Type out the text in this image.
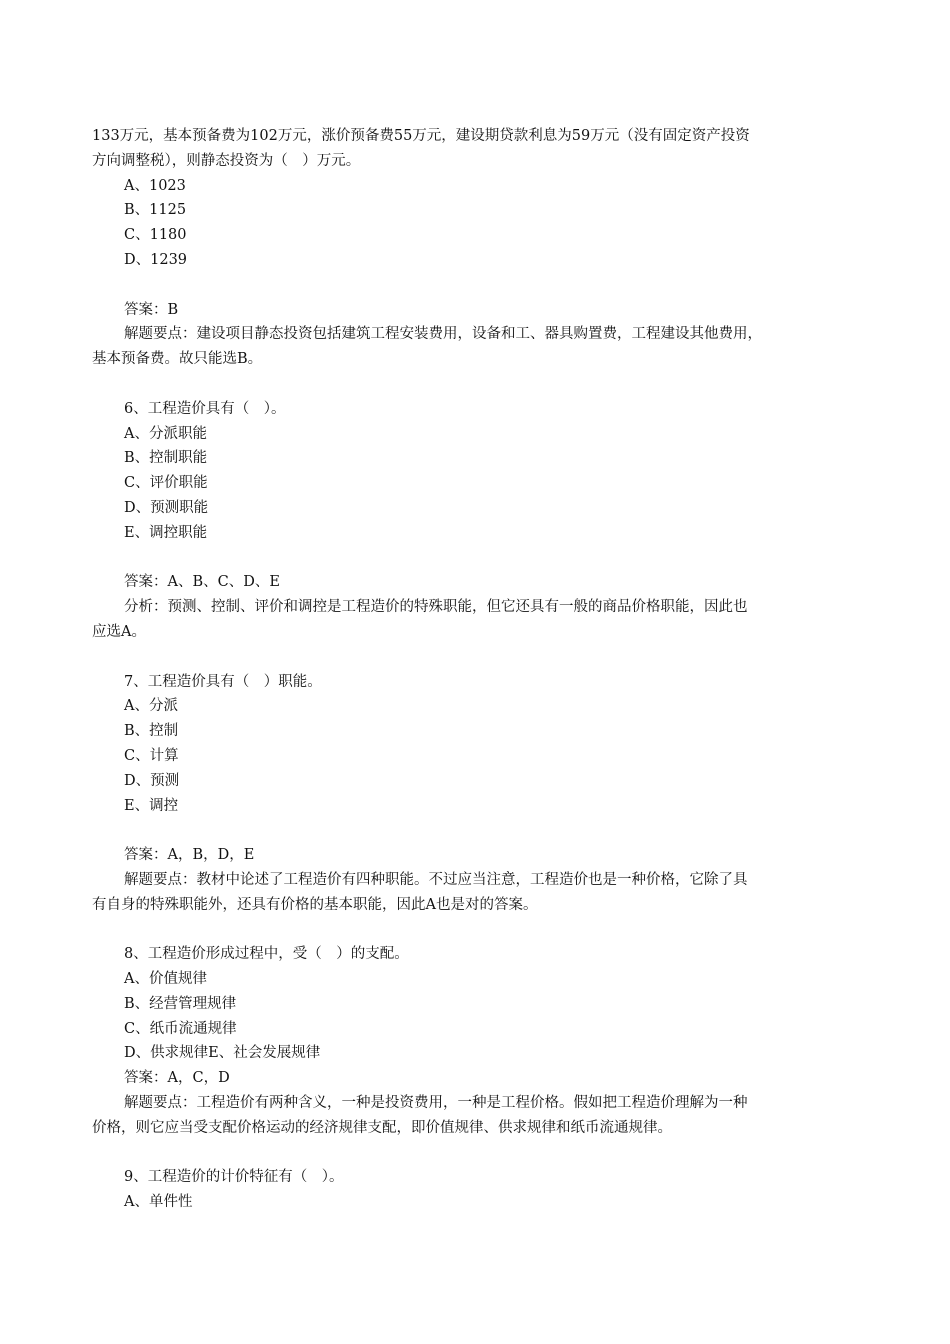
133万元，基本预备费为102万元，涨价预备费55万元，建设期贷款利息为59万元（没有固定资产投资

方向调整税），则静态投资为（　）万元。

A、1023

B、1125

C、1180

D、1239

答案：B

解题要点：建设项目静态投资包括建筑工程安装费用，设备和工、器具购置费，工程建设其他费用，

基本预备费。故只能选B。

6、工程造价具有（　）。

A、分派职能

B、控制职能

C、评价职能

D、预测职能

E、调控职能

答案：A、B、C、D、E

分析：预测、控制、评价和调控是工程造价的特殊职能，但它还具有一般的商品价格职能，因此也

应选A。

7、工程造价具有（　）职能。

A、分派

B、控制

C、计算

D、预测

E、调控

答案：A，B，D，E

解题要点：教材中论述了工程造价有四种职能。不过应当注意，工程造价也是一种价格，它除了具

有自身的特殊职能外，还具有价格的基本职能，因此A也是对的答案。

8、工程造价形成过程中，受（　）的支配。

A、价值规律

B、经营管理规律

C、纸币流通规律

D、供求规律E、社会发展规律

答案：A，C，D

解题要点：工程造价有两种含义，一种是投资费用，一种是工程价格。假如把工程造价理解为一种

价格，则它应当受支配价格运动的经济规律支配，即价值规律、供求规律和纸币流通规律。

9、工程造价的计价特征有（　）。

A、单件性
